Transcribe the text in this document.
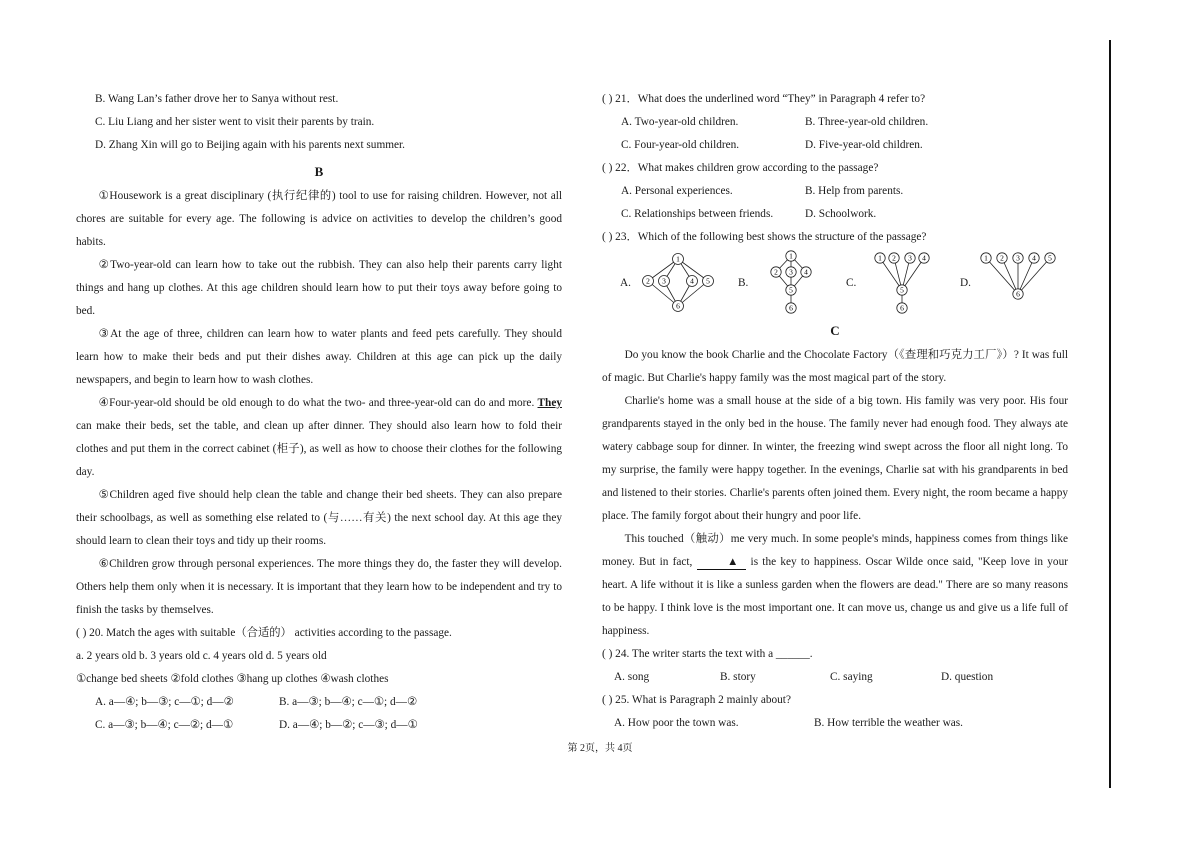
B. Wang Lan’s father drove her to Sanya without rest.

C. Liu Liang and her sister went to visit their parents by train.

D. Zhang Xin will go to Beijing again with his parents next summer.

B

①Housework is a great disciplinary (执行纪律的) tool to use for raising children. However, not all chores are suitable for every age. The following is advice on activities to develop the children’s good habits.

②Two-year-old can learn how to take out the rubbish. They can also help their parents carry light things and hang up clothes. At this age children should learn how to put their toys away before going to bed.

③At the age of three, children can learn how to water plants and feed pets carefully. They should learn how to make their beds and put their dishes away. Children at this age can pick up the daily newspapers, and begin to learn how to wash clothes.

④Four-year-old should be old enough to do what the two- and three-year-old can do and more. They can make their beds, set the table, and clean up after dinner. They should also learn how to fold their clothes and put them in the correct cabinet (柜子), as well as how to choose their clothes for the following day.

⑤Children aged five should help clean the table and change their bed sheets. They can also prepare their schoolbags, as well as something else related to (与……有关) the next school day. At this age they should learn to clean their toys and tidy up their rooms.

⑥Children grow through personal experiences. The more things they do, the faster they will develop. Others help them only when it is necessary. It is important that they learn how to be independent and try to finish the tasks by themselves.

( ) 20. Match the ages with suitable（合适的） activities according to the passage.

a. 2 years old b. 3 years old c. 4 years old d. 5 years old

①change bed sheets ②fold clothes ③hang up clothes ④wash clothes

A. a—④; b—③; c—①; d—②	B. a—③; b—④; c—①; d—②
C. a—③; b—④; c—②; d—①	D. a—④; b—②; c—③; d—①

( ) 21．What does the underlined word “They” in Paragraph 4 refer to?

A. Two-year-old children.	B. Three-year-old children.
C. Four-year-old children.	D. Five-year-old children.

( ) 22．What makes children grow according to the passage?

A. Personal experiences.	B. Help from parents.
C. Relationships between friends.	D. Schoolwork.

( ) 23．Which of the following best shows the structure of the passage?

A.
1
2 3	4 5
6
B.
1
2 3 4
5
6
C.
1 2 3 4
5
6
D.
1 2 3 4 5
6

C

Do you know the book Charlie and the Chocolate Factory（《查理和巧克力工厂》）? It was full of magic. But Charlie's happy family was the most magical part of the story.

Charlie's home was a small house at the side of a big town. His family was very poor. His four grandparents stayed in the only bed in the house. The family never had enough food. They always ate watery cabbage soup for dinner. In winter, the freezing wind swept across the floor all night long. To my surprise, the family were happy together. In the evenings, Charlie sat with his grandparents in bed and listened to their stories. Charlie's parents often joined them. Every night, the room became a happy place. The family forgot about their hungry and poor life.

This touched（触动）me very much. In some people's minds, happiness comes from things like money. But in fact,	▲ is the key to happiness. Oscar Wilde once said, "Keep love in your heart. A life without it is like a sunless garden when the flowers are dead." There are so many reasons to be happy. I think love is the most important one. It can move us, change us and give us a life full of happiness.

( ) 24. The writer starts the text with a ______.

A. song	B. story	C. saying	D. question

( ) 25. What is Paragraph 2 mainly about?

A. How poor the town was.	B. How terrible the weather was.
第 2页，共 4页
